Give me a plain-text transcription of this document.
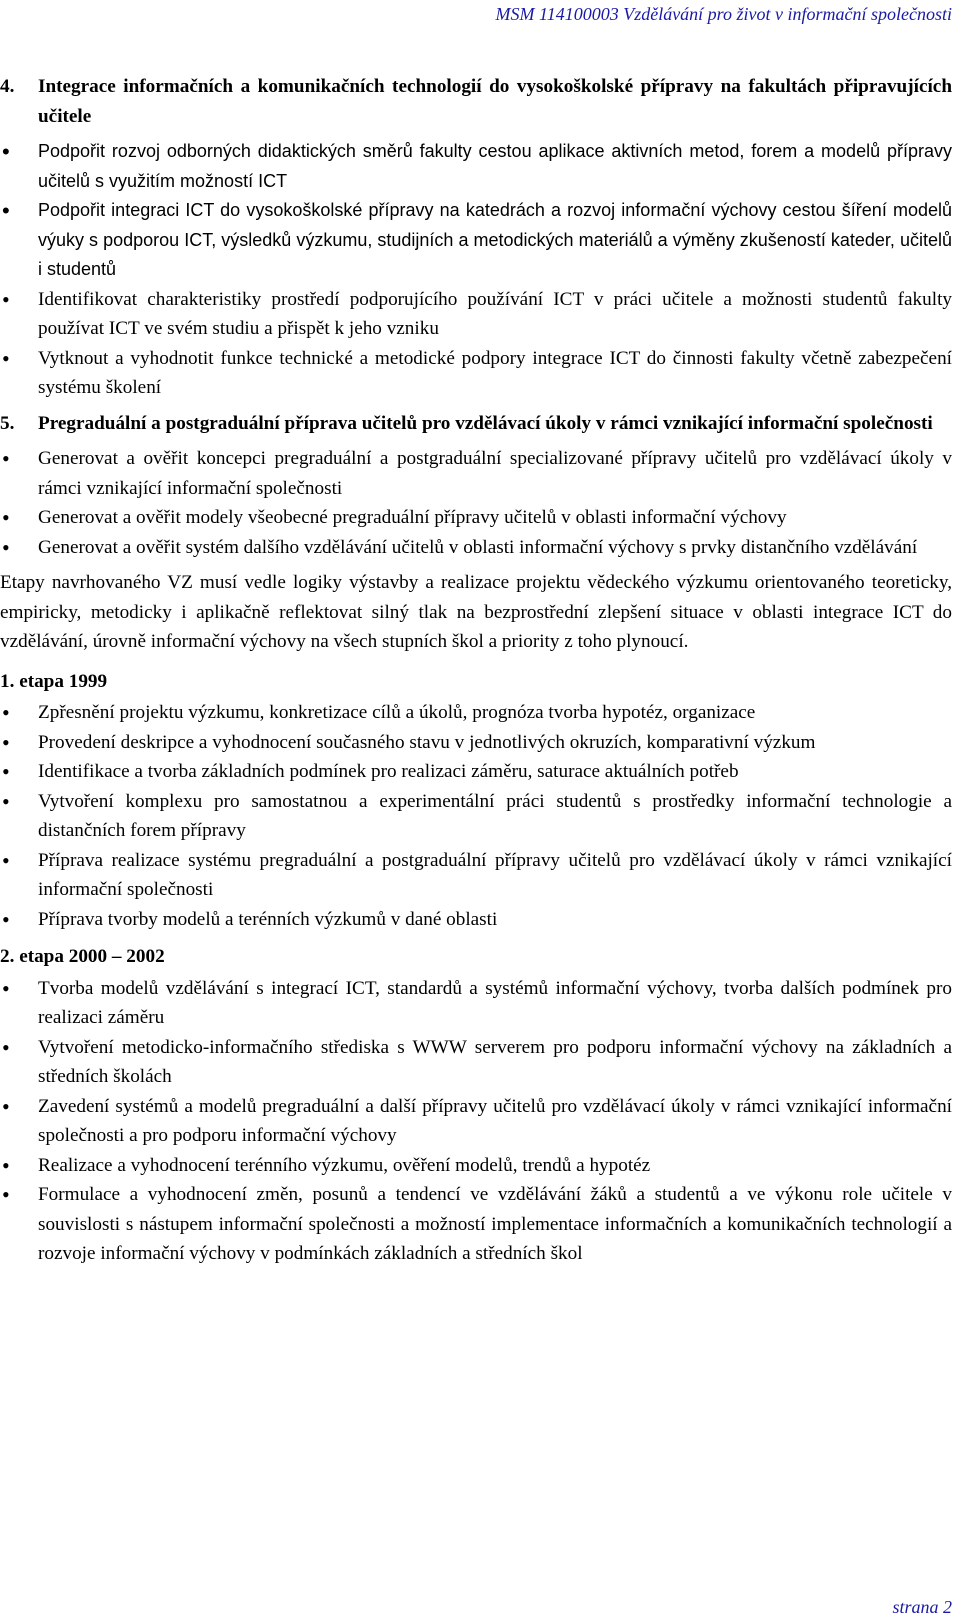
MSM 114100003 Vzdělávání pro život v informační společnosti
4.	Integrace informačních a komunikačních technologií do vysokoškolské přípravy na fakultách připravujících učitele
• Podpořit rozvoj odborných didaktických směrů fakulty cestou aplikace aktivních metod, forem a modelů přípravy učitelů s využitím možností ICT
• Podpořit integraci ICT do vysokoškolské přípravy na katedrách a rozvoj informační výchovy cestou šíření modelů výuky s podporou ICT, výsledků výzkumu, studijních a metodických materiálů a výměny zkušeností kateder, učitelů i studentů
• Identifikovat charakteristiky prostředí podporujícího používání ICT v práci učitele a možnosti studentů fakulty používat ICT ve svém studiu a přispět k jeho vzniku
• Vytknout a vyhodnotit funkce technické a metodické podpory integrace ICT do činnosti fakulty včetně zabezpečení systému školení
5.	Pregraduální a postgraduální příprava učitelů pro vzdělávací úkoly v rámci vznikající informační společnosti
• Generovat a ověřit koncepci pregraduální a postgraduální specializované přípravy učitelů pro vzdělávací úkoly v rámci vznikající informační společnosti
• Generovat a ověřit modely všeobecné pregraduální přípravy učitelů v oblasti informační výchovy
• Generovat a ověřit systém dalšího vzdělávání učitelů v oblasti informační výchovy s prvky distančního vzdělávání

Etapy navrhovaného VZ musí vedle logiky výstavby a realizace projektu vědeckého výzkumu orientovaného teoreticky, empiricky, metodicky i aplikačně reflektovat silný tlak na bezprostřední zlepšení situace v oblasti integrace ICT do vzdělávání, úrovně informační výchovy na všech stupních škol a priority z toho plynoucí.

1. etapa 1999
• Zpřesnění projektu výzkumu, konkretizace cílů a úkolů, prognóza tvorba hypotéz, organizace
• Provedení deskripce a vyhodnocení současného stavu v jednotlivých okruzích, komparativní výzkum
• Identifikace a tvorba základních podmínek pro realizaci záměru, saturace aktuálních potřeb
• Vytvoření komplexu pro samostatnou a experimentální práci studentů s prostředky informační technologie a distančních forem přípravy
• Příprava realizace systému pregraduální a postgraduální přípravy učitelů pro vzdělávací úkoly v rámci vznikající informační společnosti
• Příprava tvorby modelů a terénních výzkumů v dané oblasti
2. etapa 2000 – 2002
• Tvorba modelů vzdělávání s integrací ICT, standardů a systémů informační výchovy, tvorba dalších podmínek pro realizaci záměru
• Vytvoření metodicko-informačního střediska s WWW serverem pro podporu informační výchovy na základních a středních školách
• Zavedení systémů a modelů pregraduální a další přípravy učitelů pro vzdělávací úkoly v rámci vznikající informační společnosti a pro podporu informační výchovy
• Realizace a vyhodnocení terénního výzkumu, ověření modelů, trendů a hypotéz
• Formulace a vyhodnocení změn, posunů a tendencí ve vzdělávání žáků a studentů a ve výkonu role učitele v souvislosti s nástupem informační společnosti a možností implementace informačních a komunikačních technologií a rozvoje informační výchovy v podmínkách základních a středních škol
strana 2
